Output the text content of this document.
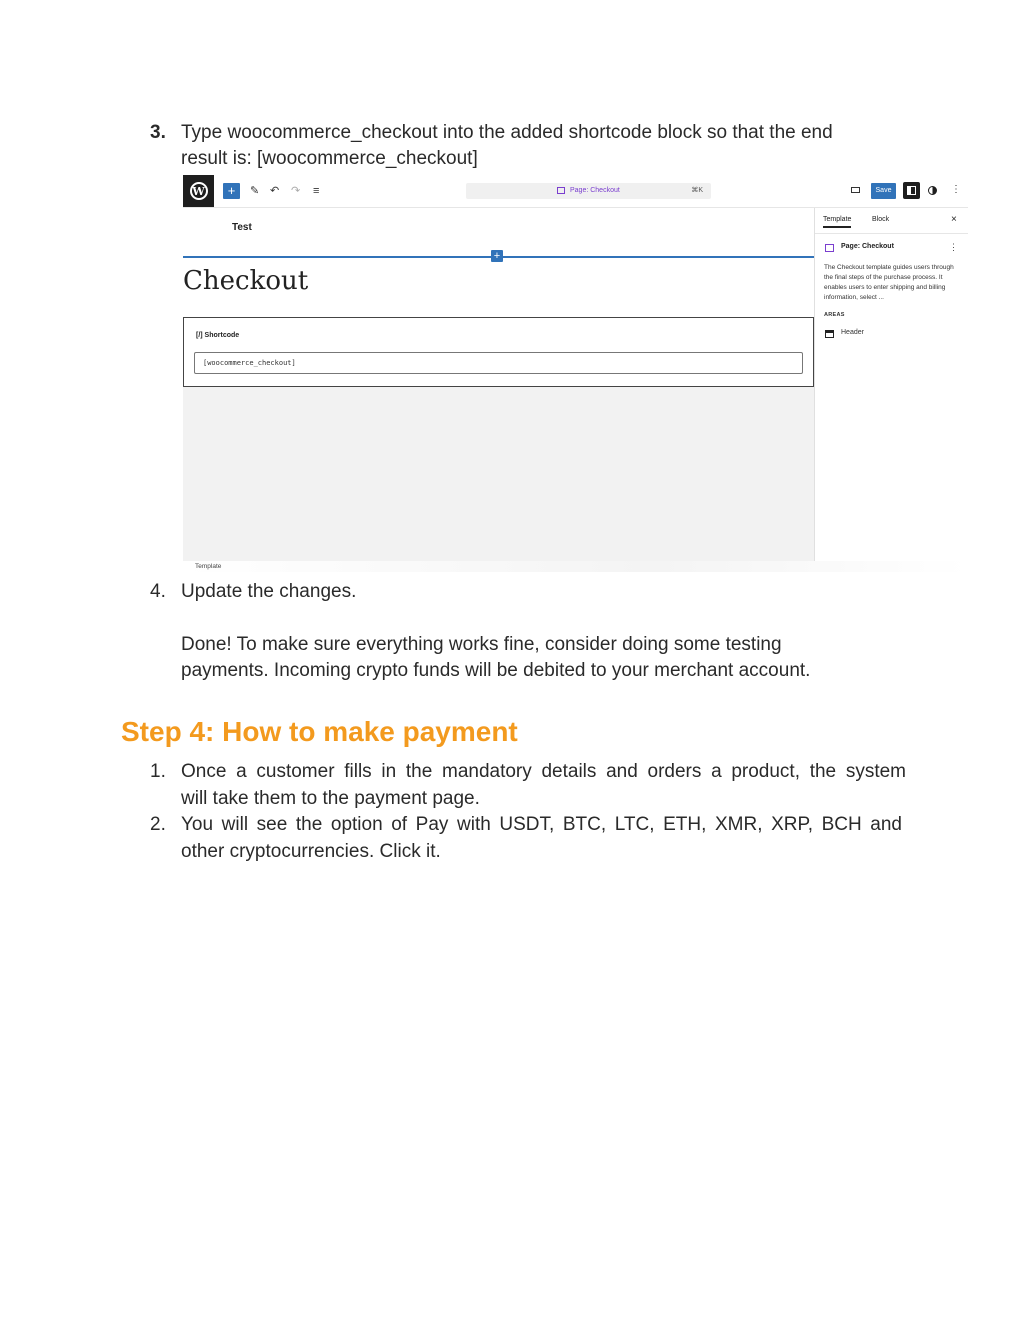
3. Type woocommerce_checkout into the added shortcode block so that the end
result is: [woocommerce_checkout]
W	+	✎ ↶ ↷ ≡	Page: Checkout	⌘K	Save	⋮
Test
+
Checkout
[/] Shortcode
[woocommerce_checkout]
Template	Block	×
Page: Checkout	⋮
The Checkout template guides users through the final steps of the purchase process. It enables users to enter shipping and billing information, select ...
AREAS
Header
Template
4. Update the changes.
Done! To make sure everything works fine, consider doing some testing
payments. Incoming crypto funds will be debited to your merchant account.
Step 4: How to make payment
1. Once a customer fills in the mandatory details and orders a product, the system
will take them to the payment page.
2. You will see the option of Pay with USDT, BTC, LTC, ETH, XMR, XRP, BCH and
other cryptocurrencies. Click it.
